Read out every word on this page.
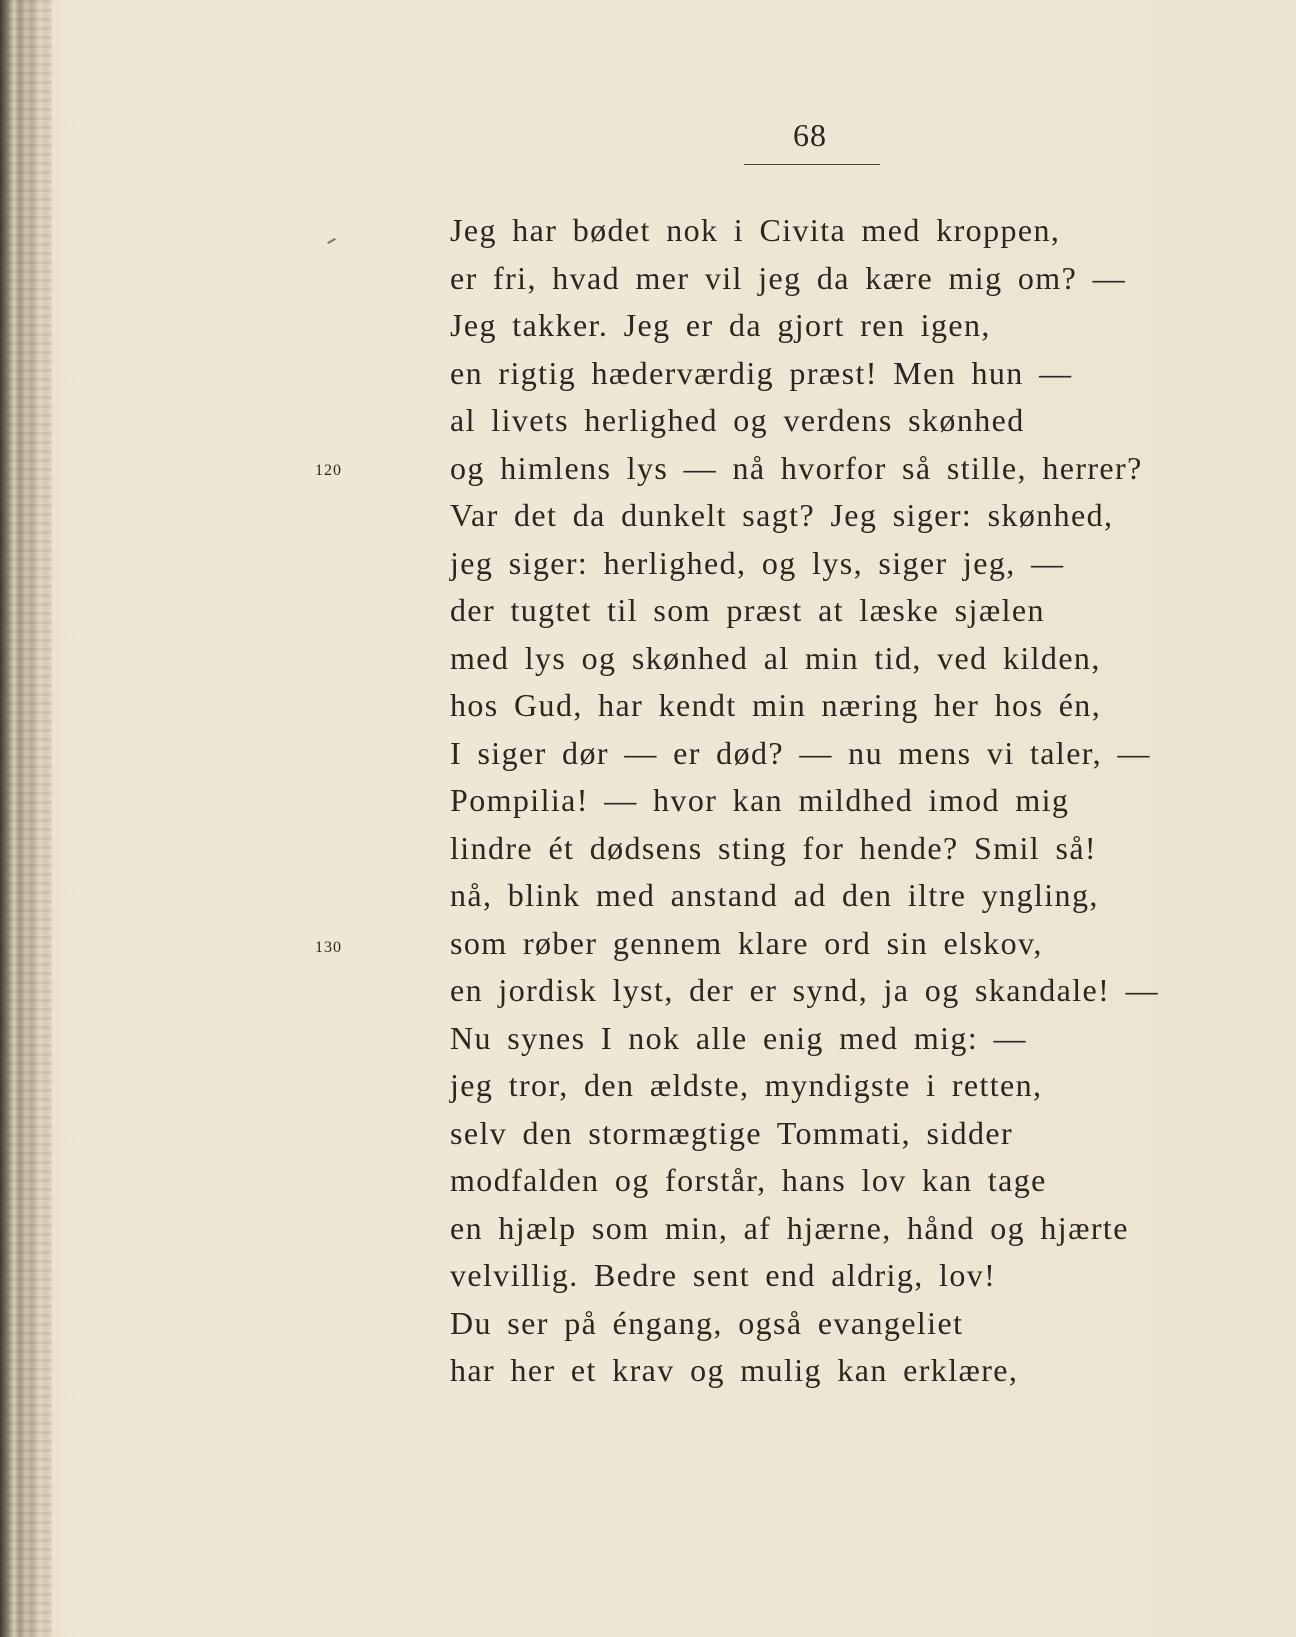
68
120
130
Jeg har bødet nok i Civita med kroppen,
er fri, hvad mer vil jeg da kære mig om? —
Jeg takker. Jeg er da gjort ren igen,
en rigtig hæderværdig præst! Men hun —
al livets herlighed og verdens skønhed
og himlens lys — nå hvorfor så stille, herrer?
Var det da dunkelt sagt? Jeg siger: skønhed,
jeg siger: herlighed, og lys, siger jeg, —
der tugtet til som præst at læske sjælen
med lys og skønhed al min tid, ved kilden,
hos Gud, har kendt min næring her hos én,
I siger dør — er død? — nu mens vi taler, —
Pompilia! — hvor kan mildhed imod mig
lindre ét dødsens sting for hende? Smil så!
nå, blink med anstand ad den iltre yngling,
som røber gennem klare ord sin elskov,
en jordisk lyst, der er synd, ja og skandale! —
Nu synes I nok alle enig med mig: —
jeg tror, den ældste, myndigste i retten,
selv den stormægtige Tommati, sidder
modfalden og forstår, hans lov kan tage
en hjælp som min, af hjærne, hånd og hjærte
velvillig. Bedre sent end aldrig, lov!
Du ser på éngang, også evangeliet
har her et krav og mulig kan erklære,
